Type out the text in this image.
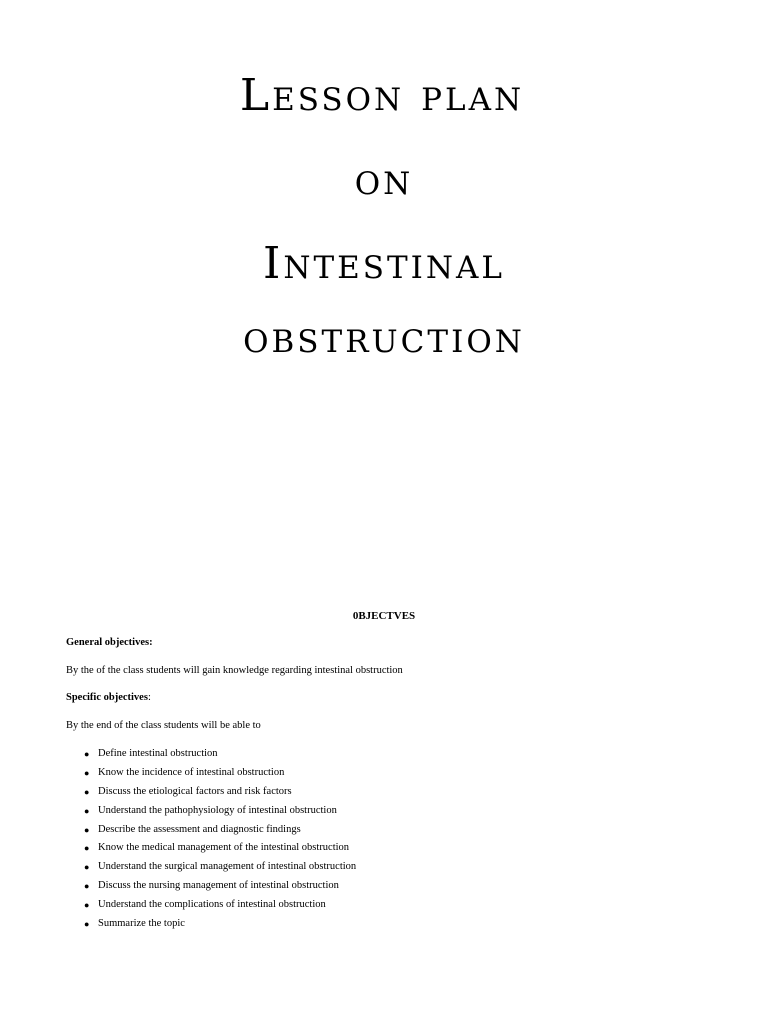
Lesson plan
on
Intestinal
obstruction
0BJECTVES
General objectives:
By the of the class students will gain knowledge regarding intestinal obstruction
Specific objectives:
By the end of the class students will be able to
● Define intestinal obstruction
● Know the incidence of intestinal obstruction
● Discuss the etiological factors and risk factors
● Understand the pathophysiology of intestinal obstruction
● Describe the assessment and diagnostic findings
● Know the medical management of the intestinal obstruction
● Understand the surgical management of intestinal obstruction
● Discuss the nursing management of intestinal obstruction
● Understand the complications of intestinal obstruction
● Summarize the topic
